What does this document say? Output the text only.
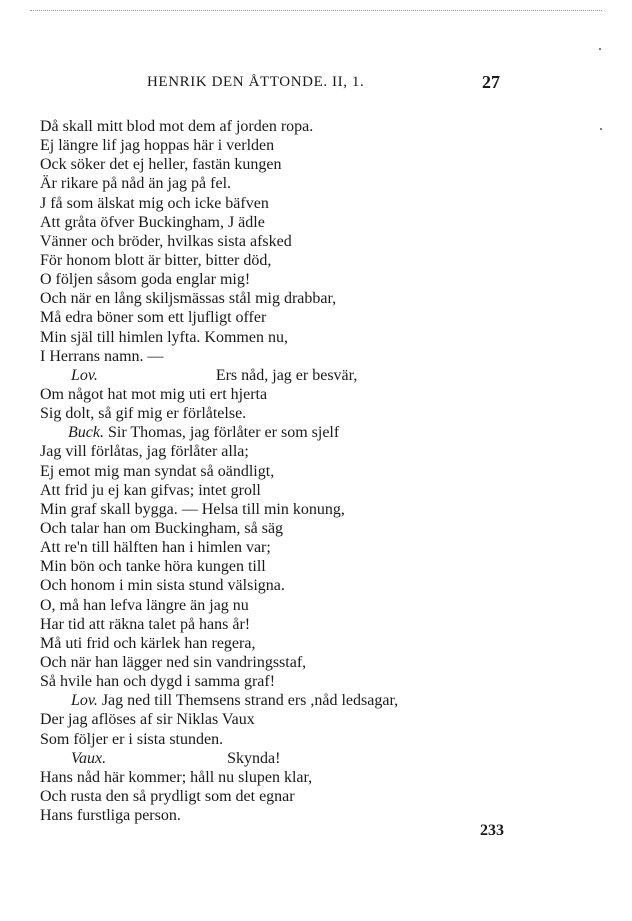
HENRIK DEN ÅTTONDE. II, 1.	27
Då skall mitt blod mot dem af jorden ropa.
Ej längre lif jag hoppas här i verlden
Ock söker det ej heller, fastän kungen
Är rikare på nåd än jag på fel.
J få som älskat mig och icke bäfven
Att gråta öfver Buckingham, J ädle
Vänner och bröder, hvilkas sista afsked
För honom blott är bitter, bitter död,
O följen såsom goda englar mig!
Och när en lång skiljsmässas stål mig drabbar,
Må edra böner som ett ljufligt offer
Min själ till himlen lyfta. Kommen nu,
I Herrans namn. —
Lov.	Ers nåd, jag er besvär,
Om något hat mot mig uti ert hjerta
Sig dolt, så gif mig er förlåtelse.
Buck. Sir Thomas, jag förlåter er som sjelf
Jag vill förlåtas, jag förlåter alla;
Ej emot mig man syndat så oändligt,
Att frid ju ej kan gifvas; intet groll
Min graf skall bygga. — Helsa till min konung,
Och talar han om Buckingham, så säg
Att re'n till hälften han i himlen var;
Min bön och tanke höra kungen till
Och honom i min sista stund välsigna.
O, må han lefva längre än jag nu
Har tid att räkna talet på hans år!
Må uti frid och kärlek han regera,
Och när han lägger ned sin vandringsstaf,
Så hvile han och dygd i samma graf!
Lov. Jag ned till Themsens strand ers ,nåd ledsagar,
Der jag aflöses af sir Niklas Vaux
Som följer er i sista stunden.
Vaux.	Skynda!
Hans nåd här kommer; håll nu slupen klar,
Och rusta den så prydligt som det egnar
Hans furstliga person.
233
